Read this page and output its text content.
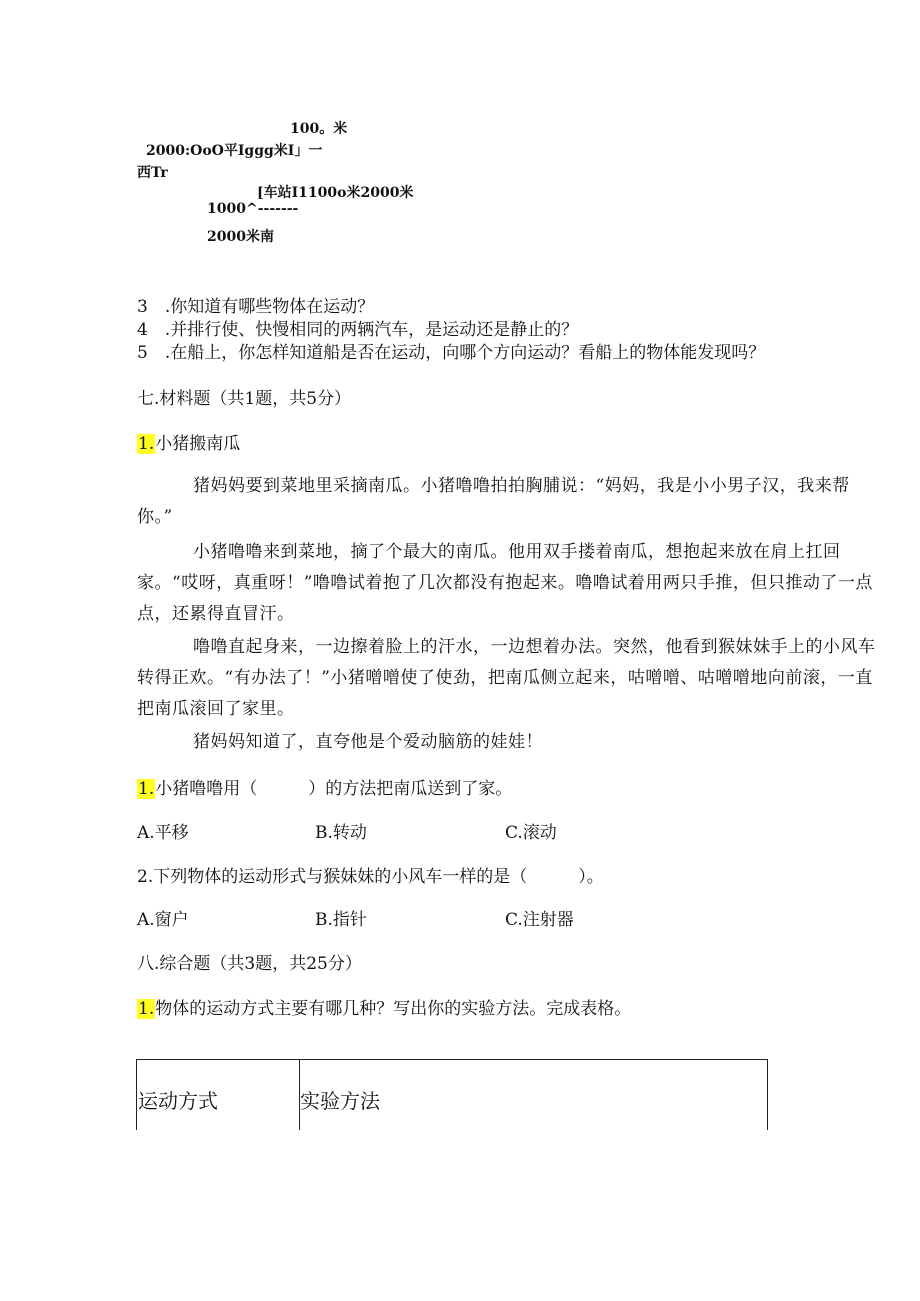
100。米
2000:OoO平Iggg米I」一
西Tr
[车站I1100o米2000米
1000^-------
2000米南
3　.你知道有哪些物体在运动？
4　.并排行使、快慢相同的两辆汽车，是运动还是静止的？
5　.在船上，你怎样知道船是否在运动，向哪个方向运动？看船上的物体能发现吗？
七.材料题（共1题，共5分）
1.小猪搬南瓜
猪妈妈要到菜地里采摘南瓜。小猪噜噜拍拍胸脯说：“妈妈，我是小小男子汉，我来帮你。”
小猪噜噜来到菜地，摘了个最大的南瓜。他用双手搂着南瓜，想抱起来放在肩上扛回家。“哎呀，真重呀！”噜噜试着抱了几次都没有抱起来。噜噜试着用两只手推，但只推动了一点点，还累得直冒汗。
噜噜直起身来，一边擦着脸上的汗水，一边想着办法。突然，他看到猴妹妹手上的小风车转得正欢。“有办法了！”小猪噌噌使了使劲，把南瓜侧立起来，咕噌噌、咕噌噌地向前滚，一直把南瓜滚回了家里。
猪妈妈知道了，直夸他是个爱动脑筋的娃娃！
1.小猪噜噜用（　　　）的方法把南瓜送到了家。
A.平移	B.转动	C.滚动
2.下列物体的运动形式与猴妹妹的小风车一样的是（　　　）。
A.窗户	B.指针	C.注射器
八.综合题（共3题，共25分）
1.物体的运动方式主要有哪几种？写出你的实验方法。完成表格。
运动方式	实验方法
